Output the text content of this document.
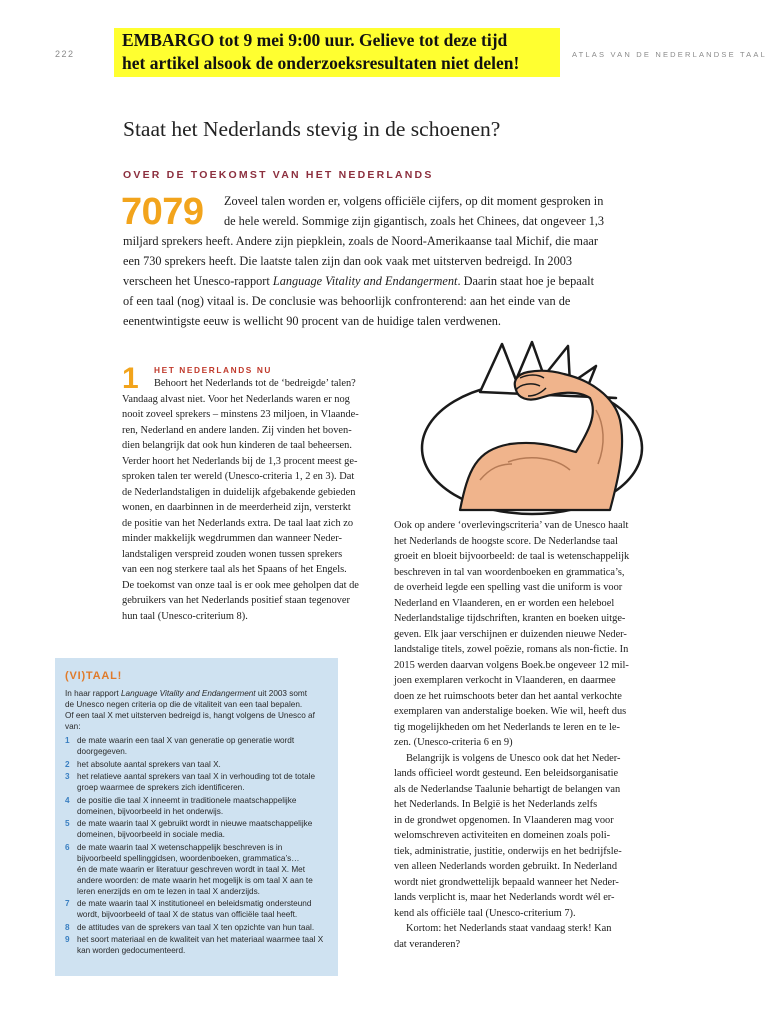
222	ATLAS VAN DE NEDERLANDSE TAAL
EMBARGO tot 9 mei 9:00 uur. Gelieve tot deze tijd
het artikel alsook de onderzoeksresultaten niet delen!
Staat het Nederlands stevig in de schoenen?
OVER DE TOEKOMST VAN HET NEDERLANDS
7079 Zoveel talen worden er, volgens officiële cijfers, op dit moment gesproken in
de hele wereld. Sommige zijn gigantisch, zoals het Chinees, dat ongeveer 1,3
miljard sprekers heeft. Andere zijn piepklein, zoals de Noord-Amerikaanse taal Michif, die maar
een 730 sprekers heeft. Die laatste talen zijn dan ook vaak met uitsterven bedreigd. In 2003
verscheen het Unesco-rapport Language Vitality and Endangerment. Daarin staat hoe je bepaalt
of een taal (nog) vitaal is. De conclusie was behoorlijk confronterend: aan het einde van de
eenentwintigste eeuw is wellicht 90 procent van de huidige talen verdwenen.
1 HET NEDERLANDS NU
Behoort het Nederlands tot de ‘bedreigde’ talen?
Vandaag alvast niet. Voor het Nederlands waren er nog
nooit zoveel sprekers – minstens 23 miljoen, in Vlaande-
ren, Nederland en andere landen. Zij vinden het boven-
dien belangrijk dat ook hun kinderen de taal beheersen.
Verder hoort het Nederlands bij de 1,3 procent meest ge-
sproken talen ter wereld (Unesco-criteria 1, 2 en 3). Dat
de Nederlandstaligen in duidelijk afgebakende gebieden
wonen, en daarbinnen in de meerderheid zijn, versterkt
de positie van het Nederlands extra. De taal laat zich zo
minder makkelijk wegdrummen dan wanneer Neder-
landstaligen verspreid zouden wonen tussen sprekers
van een nog sterkere taal als het Spaans of het Engels.
De toekomst van onze taal is er ook mee geholpen dat de
gebruikers van het Nederlands positief staan tegenover
hun taal (Unesco-criterium 8).
Ook op andere ‘overlevingscriteria’ van de Unesco haalt
het Nederlands de hoogste score. De Nederlandse taal
groeit en bloeit bijvoorbeeld: de taal is wetenschappelijk
beschreven in tal van woordenboeken en grammatica’s,
de overheid legde een spelling vast die uniform is voor
Nederland en Vlaanderen, en er worden een heleboel
Nederlandstalige tijdschriften, kranten en boeken uitge-
geven. Elk jaar verschijnen er duizenden nieuwe Neder-
landstalige titels, zowel poëzie, romans als non-fictie. In
2015 werden daarvan volgens Boek.be ongeveer 12 mil-
joen exemplaren verkocht in Vlaanderen, en daarmee
doen ze het ruimschoots beter dan het aantal verkochte
exemplaren van anderstalige boeken. Wie wil, heeft dus
tig mogelijkheden om het Nederlands te leren en te le-
zen. (Unesco-criteria 6 en 9)
Belangrijk is volgens de Unesco ook dat het Neder-
lands officieel wordt gesteund. Een beleidsorganisatie
als de Nederlandse Taalunie behartigt de belangen van
het Nederlands. In België is het Nederlands zelfs
in de grondwet opgenomen. In Vlaanderen mag voor
welomschreven activiteiten en domeinen zoals poli-
tiek, administratie, justitie, onderwijs en het bedrijfsle-
ven alleen Nederlands worden gebruikt. In Nederland
wordt niet grondwettelijk bepaald wanneer het Neder-
lands verplicht is, maar het Nederlands wordt wél er-
kend als officiële taal (Unesco-criterium 7).
Kortom: het Nederlands staat vandaag sterk! Kan
dat veranderen?
(VI)TAAL!
In haar rapport Language Vitality and Endangerment uit 2003 somt
de Unesco negen criteria op die de vitaliteit van een taal bepalen.
Of een taal X met uitsterven bedreigd is, hangt volgens de Unesco af
van:
1 de mate waarin een taal X van generatie op generatie wordt
doorgegeven.
2 het absolute aantal sprekers van taal X.
3 het relatieve aantal sprekers van taal X in verhouding tot de totale
groep waarmee de sprekers zich identificeren.
4 de positie die taal X inneemt in traditionele maatschappelijke
domeinen, bijvoorbeeld in het onderwijs.
5 de mate waarin taal X gebruikt wordt in nieuwe maatschappelijke
domeinen, bijvoorbeeld in sociale media.
6 de mate waarin taal X wetenschappelijk beschreven is in
bijvoorbeeld spellinggidsen, woordenboeken, grammatica’s…
én de mate waarin er literatuur geschreven wordt in taal X. Met
andere woorden: de mate waarin het mogelijk is om taal X aan te
leren enerzijds en om te lezen in taal X anderzijds.
7 de mate waarin taal X institutioneel en beleidsmatig ondersteund
wordt, bijvoorbeeld of taal X de status van officiële taal heeft.
8 de attitudes van de sprekers van taal X ten opzichte van hun taal.
9 het soort materiaal en de kwaliteit van het materiaal waarmee taal X
kan worden gedocumenteerd.
